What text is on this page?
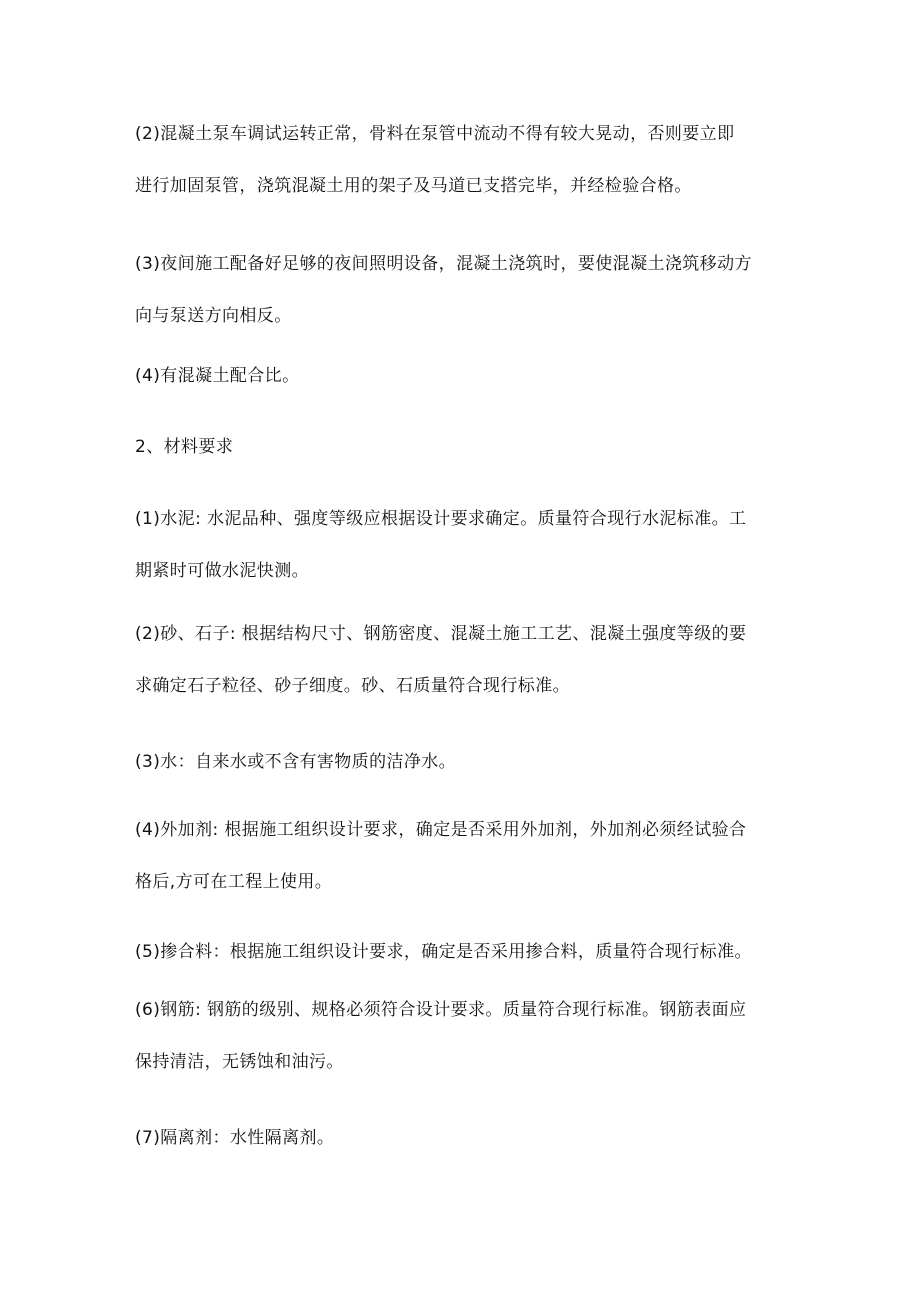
(2)混凝土泵车调试运转正常，骨料在泵管中流动不得有较大晃动，否则要立即
进行加固泵管，浇筑混凝土用的架子及马道已支搭完毕，并经检验合格。

(3)夜间施工配备好足够的夜间照明设备，混凝土浇筑时，要使混凝土浇筑移动方
向与泵送方向相反。

(4)有混凝土配合比。

2、材料要求

(1)水泥: 水泥品种、强度等级应根据设计要求确定。质量符合现行水泥标准。工
期紧时可做水泥快测。

(2)砂、石子: 根据结构尺寸、钢筋密度、混凝土施工工艺、混凝土强度等级的要
求确定石子粒径、砂子细度。砂、石质量符合现行标准。

(3)水：自来水或不含有害物质的洁净水。

(4)外加剂: 根据施工组织设计要求，确定是否采用外加剂，外加剂必须经试验合
格后,方可在工程上使用。

(5)掺合料：根据施工组织设计要求，确定是否采用掺合料，质量符合现行标准。

(6)钢筋: 钢筋的级别、规格必须符合设计要求。质量符合现行标准。钢筋表面应
保持清洁，无锈蚀和油污。

(7)隔离剂：水性隔离剂。
